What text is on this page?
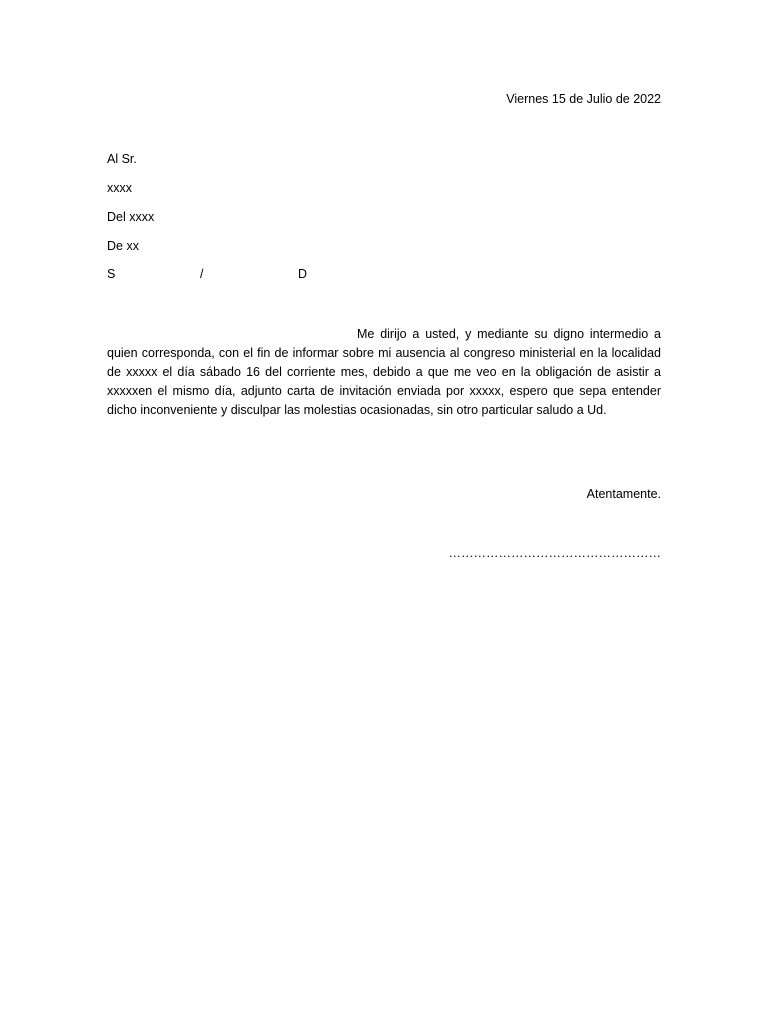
Viernes 15 de Julio de 2022
Al Sr.
xxxx
Del xxxx
De xx
S	/	D

Me dirijo a usted, y mediante su digno intermedio a quien corresponda, con el fin de informar sobre mi ausencia al congreso ministerial en la localidad de xxxxx el día sábado 16 del corriente mes, debido a que me veo en la obligación de asistir a xxxxxen el mismo día, adjunto carta de invitación enviada por xxxxx, espero que sepa entender dicho inconveniente y disculpar las molestias ocasionadas, sin otro particular saludo a Ud.

Atentamente.
……………………………………………
